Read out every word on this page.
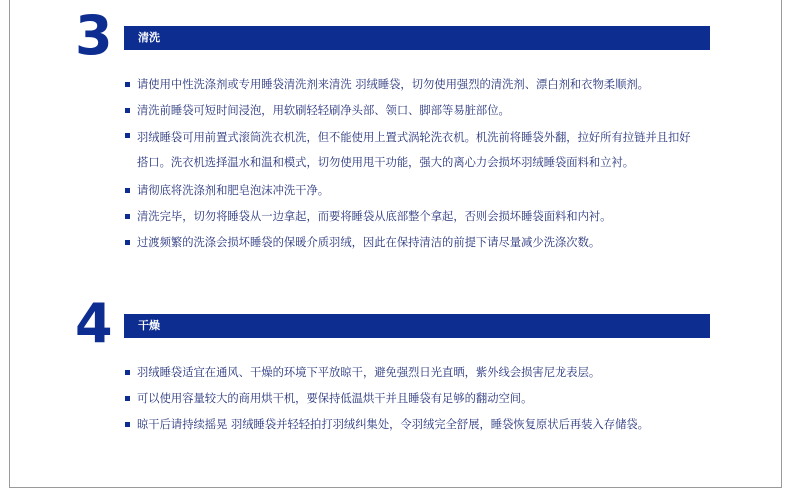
3	清洗
请使用中性洗涤剂或专用睡袋清洗剂来清洗 羽绒睡袋，切勿使用强烈的清洗剂、漂白剂和衣物柔顺剂。
清洗前睡袋可短时间浸泡，用软刷轻轻刷净头部、领口、脚部等易脏部位。
羽绒睡袋可用前置式滚筒洗衣机洗，但不能使用上置式涡轮洗衣机。机洗前将睡袋外翻，拉好所有拉链并且扣好搭口。洗衣机选择温水和温和模式，切勿使用甩干功能，强大的离心力会损坏羽绒睡袋面料和立衬。
请彻底将洗涤剂和肥皂泡沫冲洗干净。
清洗完毕，切勿将睡袋从一边拿起，而要将睡袋从底部整个拿起，否则会损坏睡袋面料和内衬。
过渡频繁的洗涤会损坏睡袋的保暖介质羽绒，因此在保持清洁的前提下请尽量减少洗涤次数。
4	干燥
羽绒睡袋适宜在通风、干燥的环境下平放晾干，避免强烈日光直晒，紫外线会损害尼龙表层。
可以使用容量较大的商用烘干机，要保持低温烘干并且睡袋有足够的翻动空间。
晾干后请持续摇晃 羽绒睡袋并轻轻拍打羽绒纠集处，令羽绒完全舒展，睡袋恢复原状后再装入存储袋。
